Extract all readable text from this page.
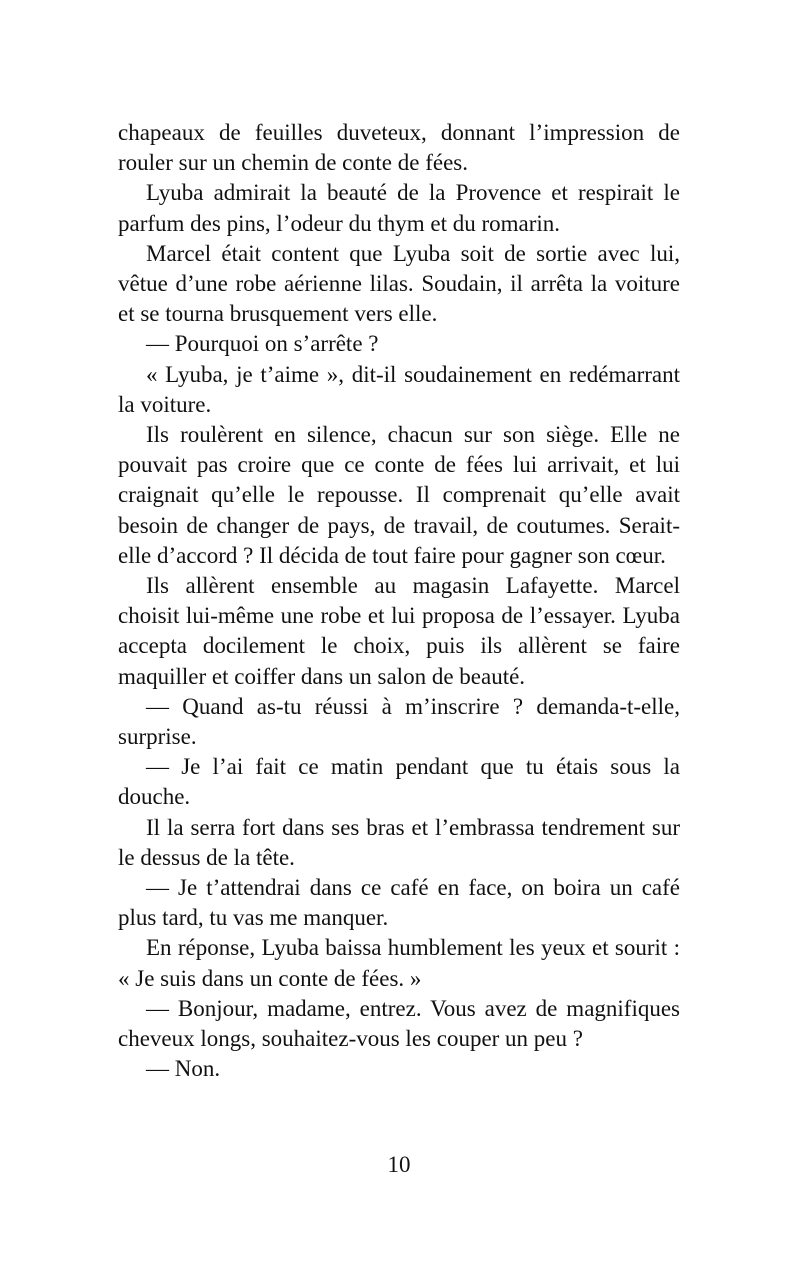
chapeaux de feuilles duveteux, donnant l’impression de rouler sur un chemin de conte de fées.

Lyuba admirait la beauté de la Provence et respirait le parfum des pins, l’odeur du thym et du romarin.

Marcel était content que Lyuba soit de sortie avec lui, vêtue d’une robe aérienne lilas. Soudain, il arrêta la voiture et se tourna brusquement vers elle.

— Pourquoi on s’arrête ?

« Lyuba, je t’aime », dit-il soudainement en redémarrant la voiture.

Ils roulèrent en silence, chacun sur son siège. Elle ne pouvait pas croire que ce conte de fées lui arrivait, et lui craignait qu’elle le repousse. Il comprenait qu’elle avait besoin de changer de pays, de travail, de coutumes. Serait-elle d’accord ? Il décida de tout faire pour gagner son cœur.

Ils allèrent ensemble au magasin Lafayette. Marcel choisit lui-même une robe et lui proposa de l’essayer. Lyuba accepta docilement le choix, puis ils allèrent se faire maquiller et coiffer dans un salon de beauté.

— Quand as-tu réussi à m’inscrire ? demanda-t-elle, surprise.

— Je l’ai fait ce matin pendant que tu étais sous la douche.

Il la serra fort dans ses bras et l’embrassa tendrement sur le dessus de la tête.

— Je t’attendrai dans ce café en face, on boira un café plus tard, tu vas me manquer.

En réponse, Lyuba baissa humblement les yeux et sourit : « Je suis dans un conte de fées. »

— Bonjour, madame, entrez. Vous avez de magnifiques cheveux longs, souhaitez-vous les couper un peu ?

— Non.

10
